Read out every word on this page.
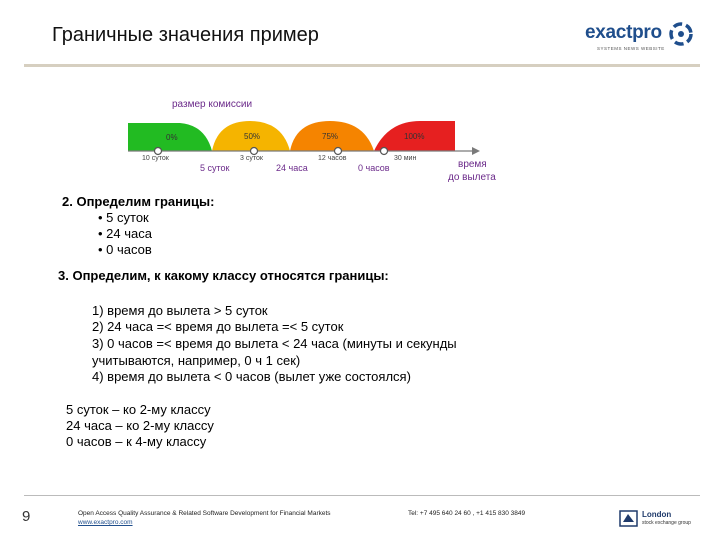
Граничные значения пример	exactpro
SYSTEMS NEWS WEBSITE
размер комиссии
0%	50%	75%	100%
10 суток	3 суток	12 часов	30 мин
5 суток	24 часа	0 часов	время
до вылета
2. Определим границы:
• 5 суток
• 24 часа
• 0 часов
3. Определим, к какому классу относятся границы:
1) время до вылета > 5 суток
2) 24 часа =< время до вылета =< 5 суток
3) 0 часов =< время до вылета < 24 часа (минуты и секунды
учитываются, например, 0 ч 1 сек)
4) время до вылета < 0 часов (вылет уже состоялся)
5 суток – ко 2-му классу
24 часа – ко 2-му классу
0 часов – к 4-му классу
9	Open Access Quality Assurance & Related Software Development for Financial Markets
www.exactpro.com
Tel: +7 495 640 24 60 , +1 415 830 3849	London
stock exchange group
